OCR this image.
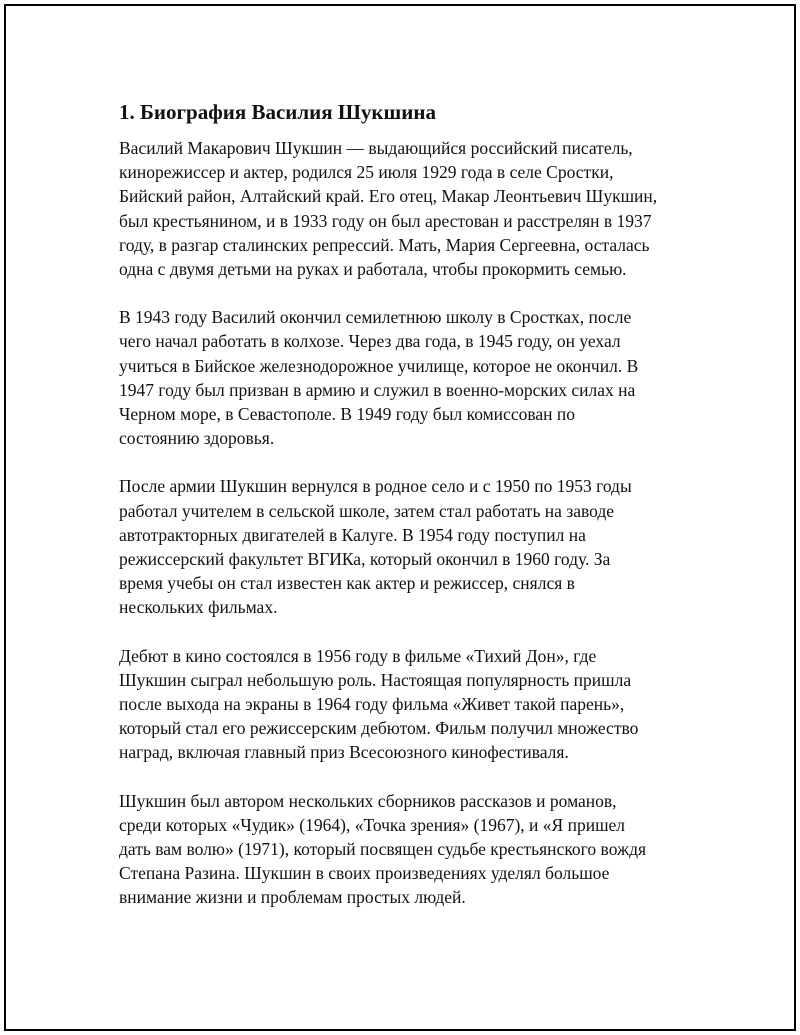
1. Биография Василия Шукшина

Василий Макарович Шукшин — выдающийся российский писатель,
кинорежиссер и актер, родился 25 июля 1929 года в селе Сростки,
Бийский район, Алтайский край. Его отец, Макар Леонтьевич Шукшин,
был крестьянином, и в 1933 году он был арестован и расстрелян в 1937
году, в разгар сталинских репрессий. Мать, Мария Сергеевна, осталась
одна с двумя детьми на руках и работала, чтобы прокормить семью.

В 1943 году Василий окончил семилетнюю школу в Сростках, после
чего начал работать в колхозе. Через два года, в 1945 году, он уехал
учиться в Бийское железнодорожное училище, которое не окончил. В
1947 году был призван в армию и служил в военно-морских силах на
Черном море, в Севастополе. В 1949 году был комиссован по
состоянию здоровья.

После армии Шукшин вернулся в родное село и с 1950 по 1953 годы
работал учителем в сельской школе, затем стал работать на заводе
автотракторных двигателей в Калуге. В 1954 году поступил на
режиссерский факультет ВГИКа, который окончил в 1960 году. За
время учебы он стал известен как актер и режиссер, снялся в
нескольких фильмах.

Дебют в кино состоялся в 1956 году в фильме «Тихий Дон», где
Шукшин сыграл небольшую роль. Настоящая популярность пришла
после выхода на экраны в 1964 году фильма «Живет такой парень»,
который стал его режиссерским дебютом. Фильм получил множество
наград, включая главный приз Всесоюзного кинофестиваля.

Шукшин был автором нескольких сборников рассказов и романов,
среди которых «Чудик» (1964), «Точка зрения» (1967), и «Я пришел
дать вам волю» (1971), который посвящен судьбе крестьянского вождя
Степана Разина. Шукшин в своих произведениях уделял большое
внимание жизни и проблемам простых людей.
